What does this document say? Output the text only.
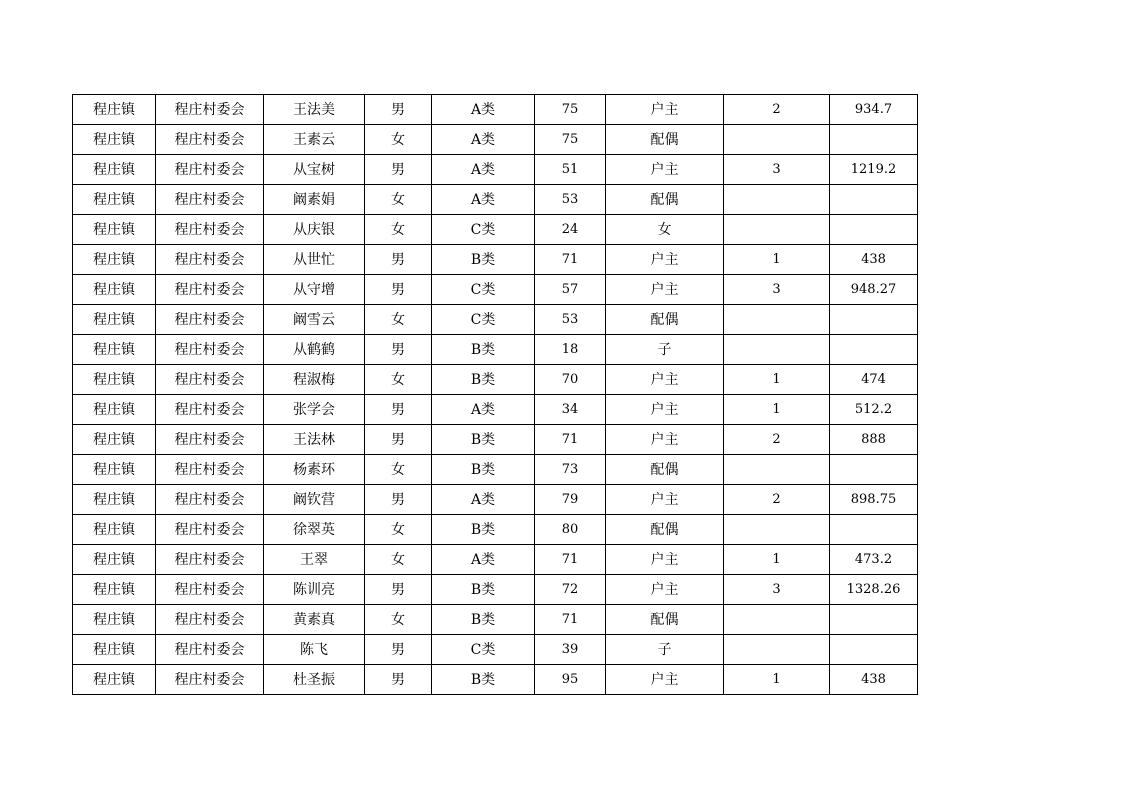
程庄镇	程庄村委会	王法美	男	A类	75	户主	2	934.7
程庄镇	程庄村委会	王素云	女	A类	75	配偶		
程庄镇	程庄村委会	从宝树	男	A类	51	户主	3	1219.2
程庄镇	程庄村委会	阚素娟	女	A类	53	配偶		
程庄镇	程庄村委会	从庆银	女	C类	24	女		
程庄镇	程庄村委会	从世忙	男	B类	71	户主	1	438
程庄镇	程庄村委会	从守增	男	C类	57	户主	3	948.27
程庄镇	程庄村委会	阚雪云	女	C类	53	配偶		
程庄镇	程庄村委会	从鹤鹤	男	B类	18	子		
程庄镇	程庄村委会	程淑梅	女	B类	70	户主	1	474
程庄镇	程庄村委会	张学会	男	A类	34	户主	1	512.2
程庄镇	程庄村委会	王法林	男	B类	71	户主	2	888
程庄镇	程庄村委会	杨素环	女	B类	73	配偶		
程庄镇	程庄村委会	阚钦营	男	A类	79	户主	2	898.75
程庄镇	程庄村委会	徐翠英	女	B类	80	配偶		
程庄镇	程庄村委会	王翠	女	A类	71	户主	1	473.2
程庄镇	程庄村委会	陈训亮	男	B类	72	户主	3	1328.26
程庄镇	程庄村委会	黄素真	女	B类	71	配偶		
程庄镇	程庄村委会	陈飞	男	C类	39	子		
程庄镇	程庄村委会	杜圣振	男	B类	95	户主	1	438
